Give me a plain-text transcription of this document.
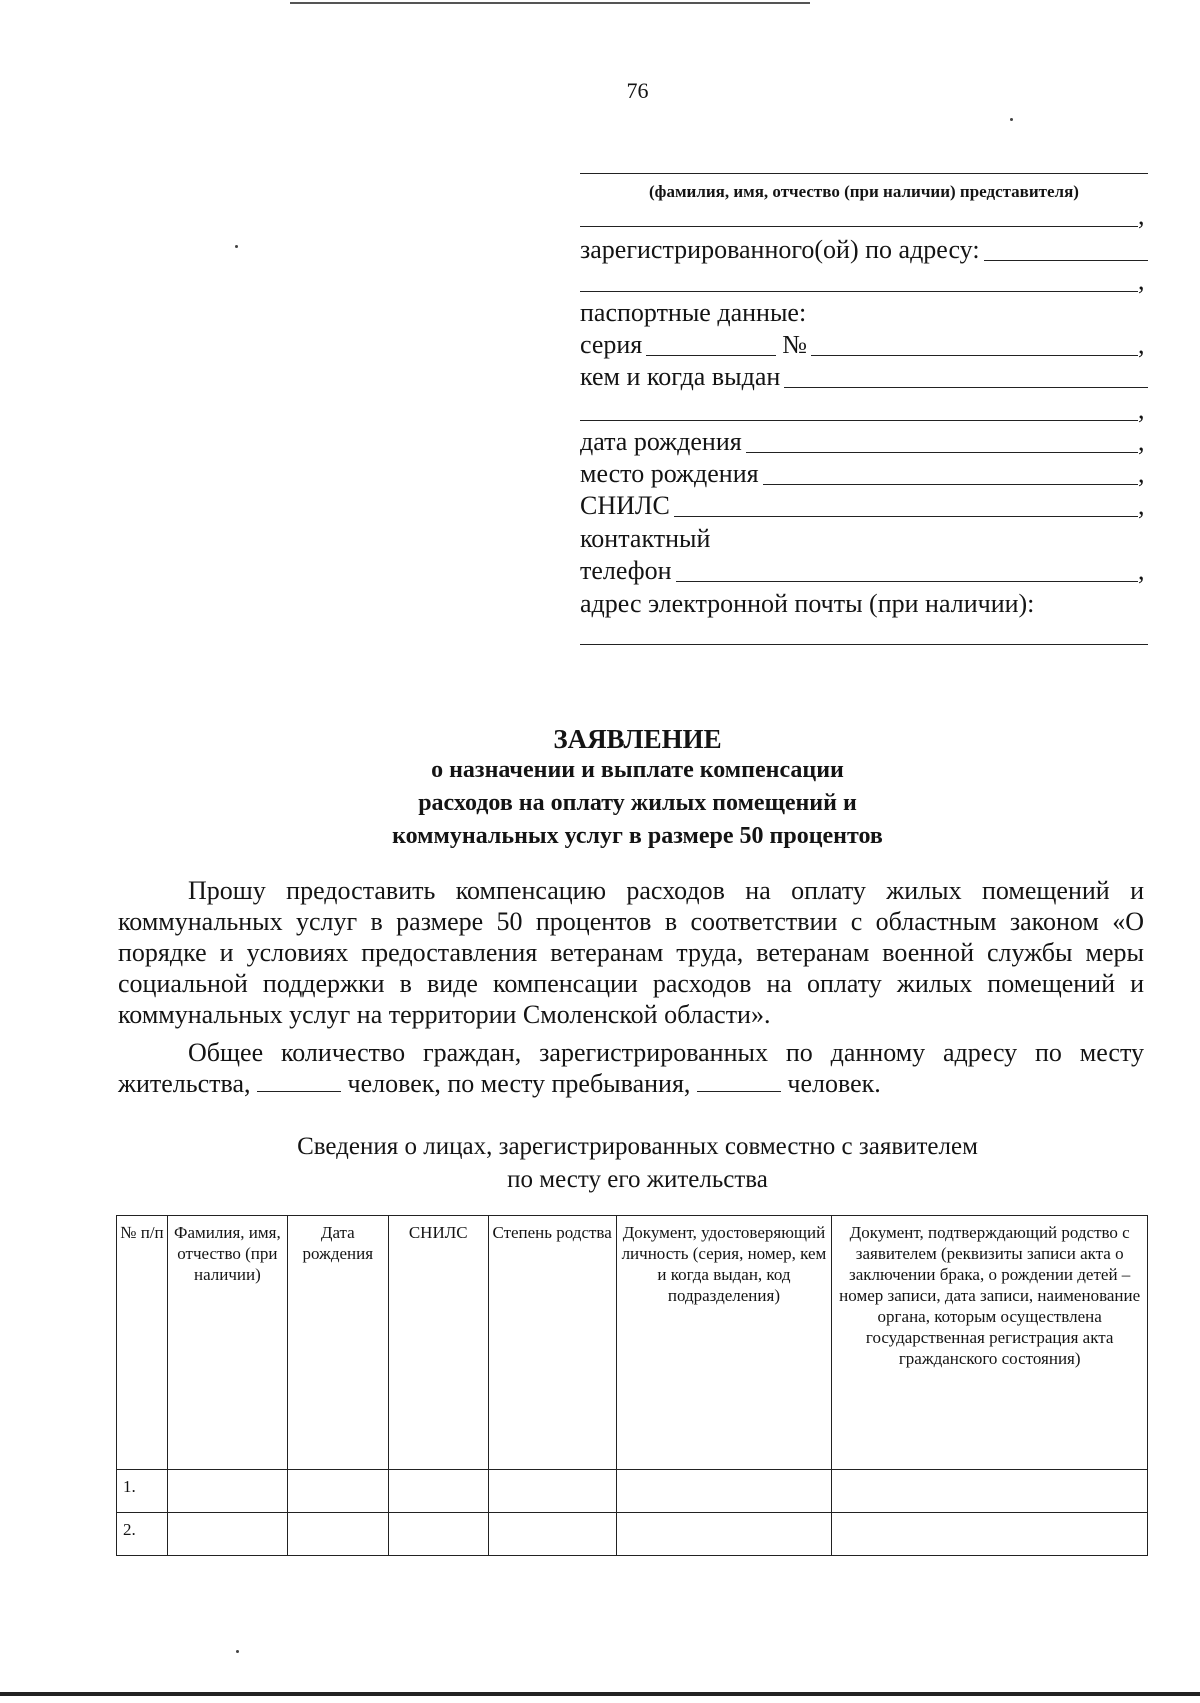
76
(фамилия, имя, отчество (при наличии) представителя)
,
зарегистрированного(ой) по адресу:
,
паспортные данные:
серия	№	,
кем и когда выдан
,
дата рождения	,
место рождения	,
СНИЛС	,
контактный
телефон	,
адрес электронной почты (при наличии):
ЗАЯВЛЕНИЕ
о назначении и выплате компенсации
расходов на оплату жилых помещений и
коммунальных услуг в размере 50 процентов
Прошу предоставить компенсацию расходов на оплату жилых помещений и коммунальных услуг в размере 50 процентов в соответствии с областным законом «О порядке и условиях предоставления ветеранам труда, ветеранам военной службы меры социальной поддержки в виде компенсации расходов на оплату жилых помещений и коммунальных услуг на территории Смоленской области».
Общее количество граждан, зарегистрированных по данному адресу по месту жительства,	человек, по месту пребывания,	человек.
Сведения о лицах, зарегистрированных совместно с заявителем
по месту его жительства
№ п/п	Фамилия, имя, отчество (при наличии)	Дата рождения	СНИЛС	Степень родства	Документ, удостоверяющий личность (серия, номер, кем и когда выдан, код подразделения)	Документ, подтверждающий родство с заявителем (реквизиты записи акта о заключении брака, о рождении детей – номер записи, дата записи, наименование органа, которым осуществлена государственная регистрация акта гражданского состояния)
1.						
2.						
